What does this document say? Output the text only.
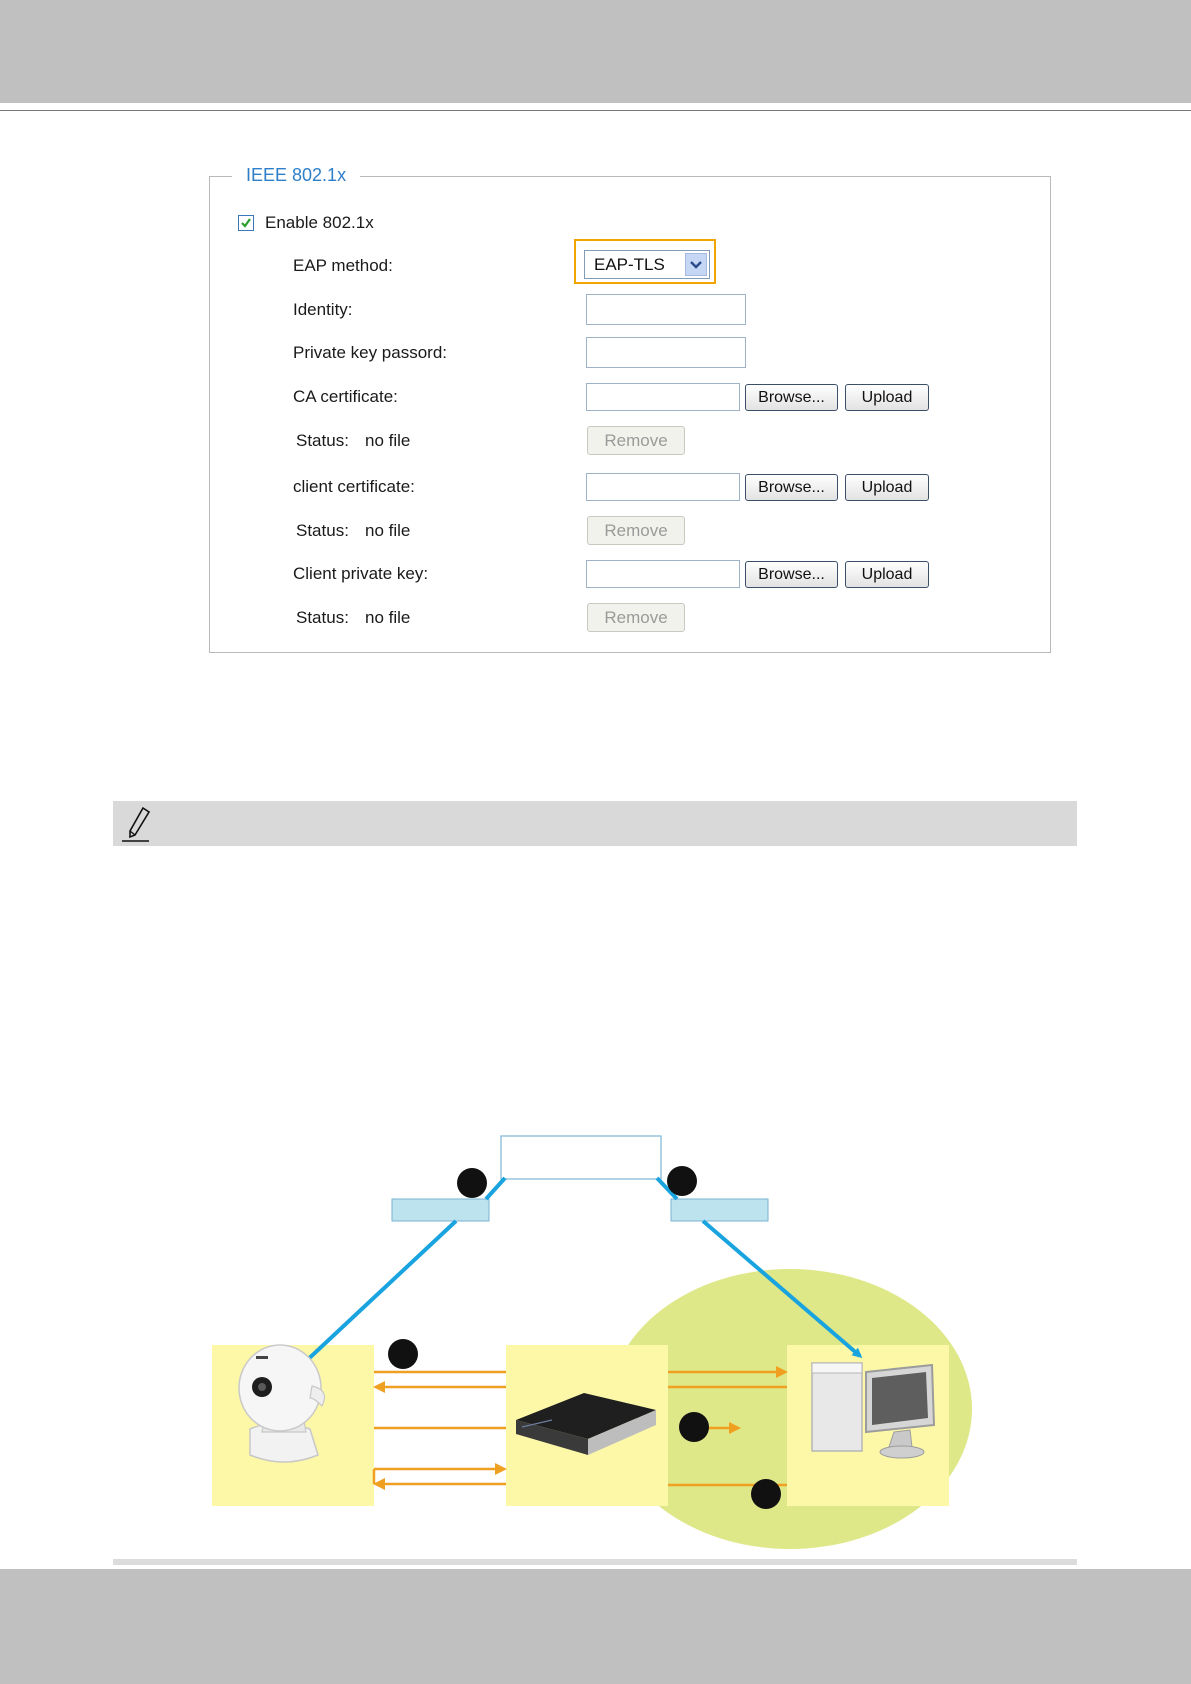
IEEE 802.1x
Enable 802.1x
EAP method:	EAP-TLS
Identity:
Private key passord:
CA certificate:	Browse...	Upload
Status: no file	Remove
client certificate:	Browse...	Upload
Status: no file	Remove
Client private key:	Browse...	Upload
Status: no file	Remove
